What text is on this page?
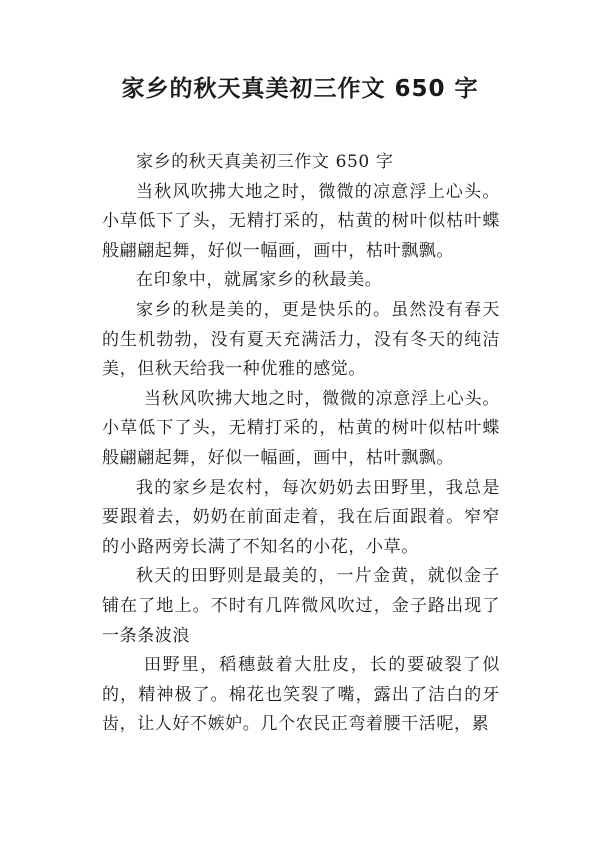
家乡的秋天真美初三作文 650 字

家乡的秋天真美初三作文 650 字

当秋风吹拂大地之时，微微的凉意浮上心头。小草低下了头，无精打采的，枯黄的树叶似枯叶蝶般翩翩起舞，好似一幅画，画中，枯叶飘飘。

在印象中，就属家乡的秋最美。

家乡的秋是美的，更是快乐的。虽然没有春天的生机勃勃，没有夏天充满活力，没有冬天的纯洁美，但秋天给我一种优雅的感觉。

当秋风吹拂大地之时，微微的凉意浮上心头。小草低下了头，无精打采的，枯黄的树叶似枯叶蝶般翩翩起舞，好似一幅画，画中，枯叶飘飘。

我的家乡是农村，每次奶奶去田野里，我总是要跟着去，奶奶在前面走着，我在后面跟着。窄窄的小路两旁长满了不知名的小花，小草。

秋天的田野则是最美的，一片金黄，就似金子铺在了地上。不时有几阵微风吹过，金子路出现了一条条波浪

田野里，稻穗鼓着大肚皮，长的要破裂了似的，精神极了。棉花也笑裂了嘴，露出了洁白的牙齿，让人好不嫉妒。几个农民正弯着腰干活呢，累
